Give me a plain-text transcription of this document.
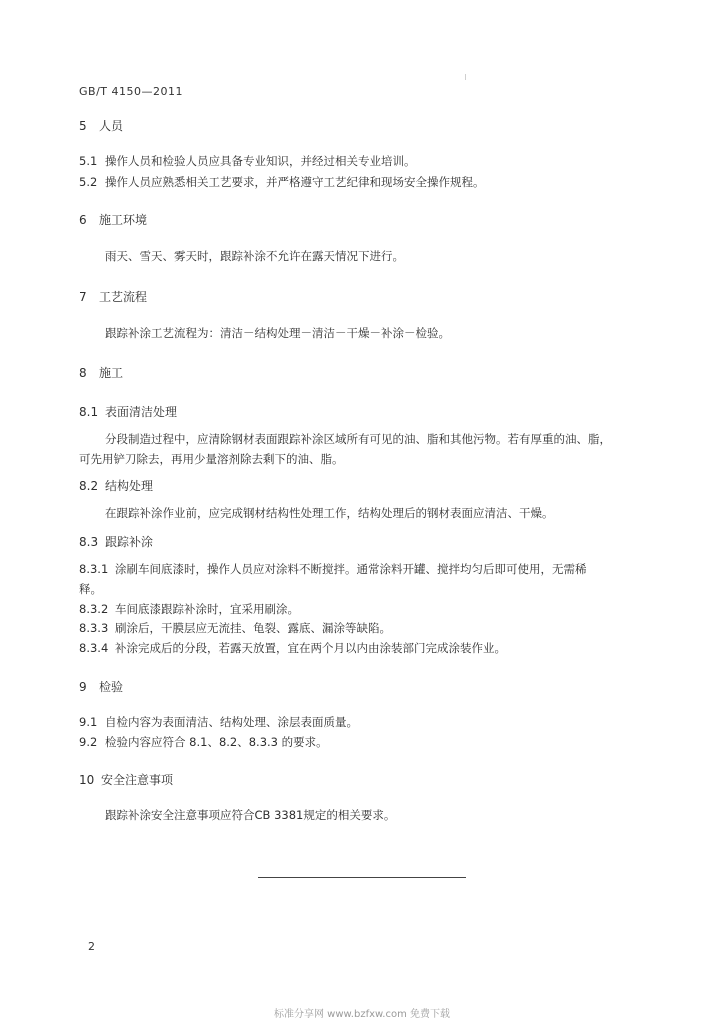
GB/T 4150—2011
5 人员
5.1 操作人员和检验人员应具备专业知识，并经过相关专业培训。
5.2 操作人员应熟悉相关工艺要求，并严格遵守工艺纪律和现场安全操作规程。
6 施工环境
雨天、雪天、雾天时，跟踪补涂不允许在露天情况下进行。
7 工艺流程
跟踪补涂工艺流程为：清洁－结构处理－清洁－干燥－补涂－检验。
8 施工
8.1 表面清洁处理
分段制造过程中，应清除钢材表面跟踪补涂区域所有可见的油、脂和其他污物。若有厚重的油、脂，
可先用铲刀除去，再用少量溶剂除去剩下的油、脂。
8.2 结构处理
在跟踪补涂作业前，应完成钢材结构性处理工作，结构处理后的钢材表面应清洁、干燥。
8.3 跟踪补涂
8.3.1 涂刷车间底漆时，操作人员应对涂料不断搅拌。通常涂料开罐、搅拌均匀后即可使用，无需稀
释。
8.3.2 车间底漆跟踪补涂时，宜采用刷涂。
8.3.3 刷涂后，干膜层应无流挂、龟裂、露底、漏涂等缺陷。
8.3.4 补涂完成后的分段，若露天放置，宜在两个月以内由涂装部门完成涂装作业。
9 检验
9.1 自检内容为表面清洁、结构处理、涂层表面质量。
9.2 检验内容应符合 8.1、8.2、8.3.3 的要求。
10 安全注意事项
跟踪补涂安全注意事项应符合CB 3381规定的相关要求。
2
标准分享网 www.bzfxw.com 免费下载
